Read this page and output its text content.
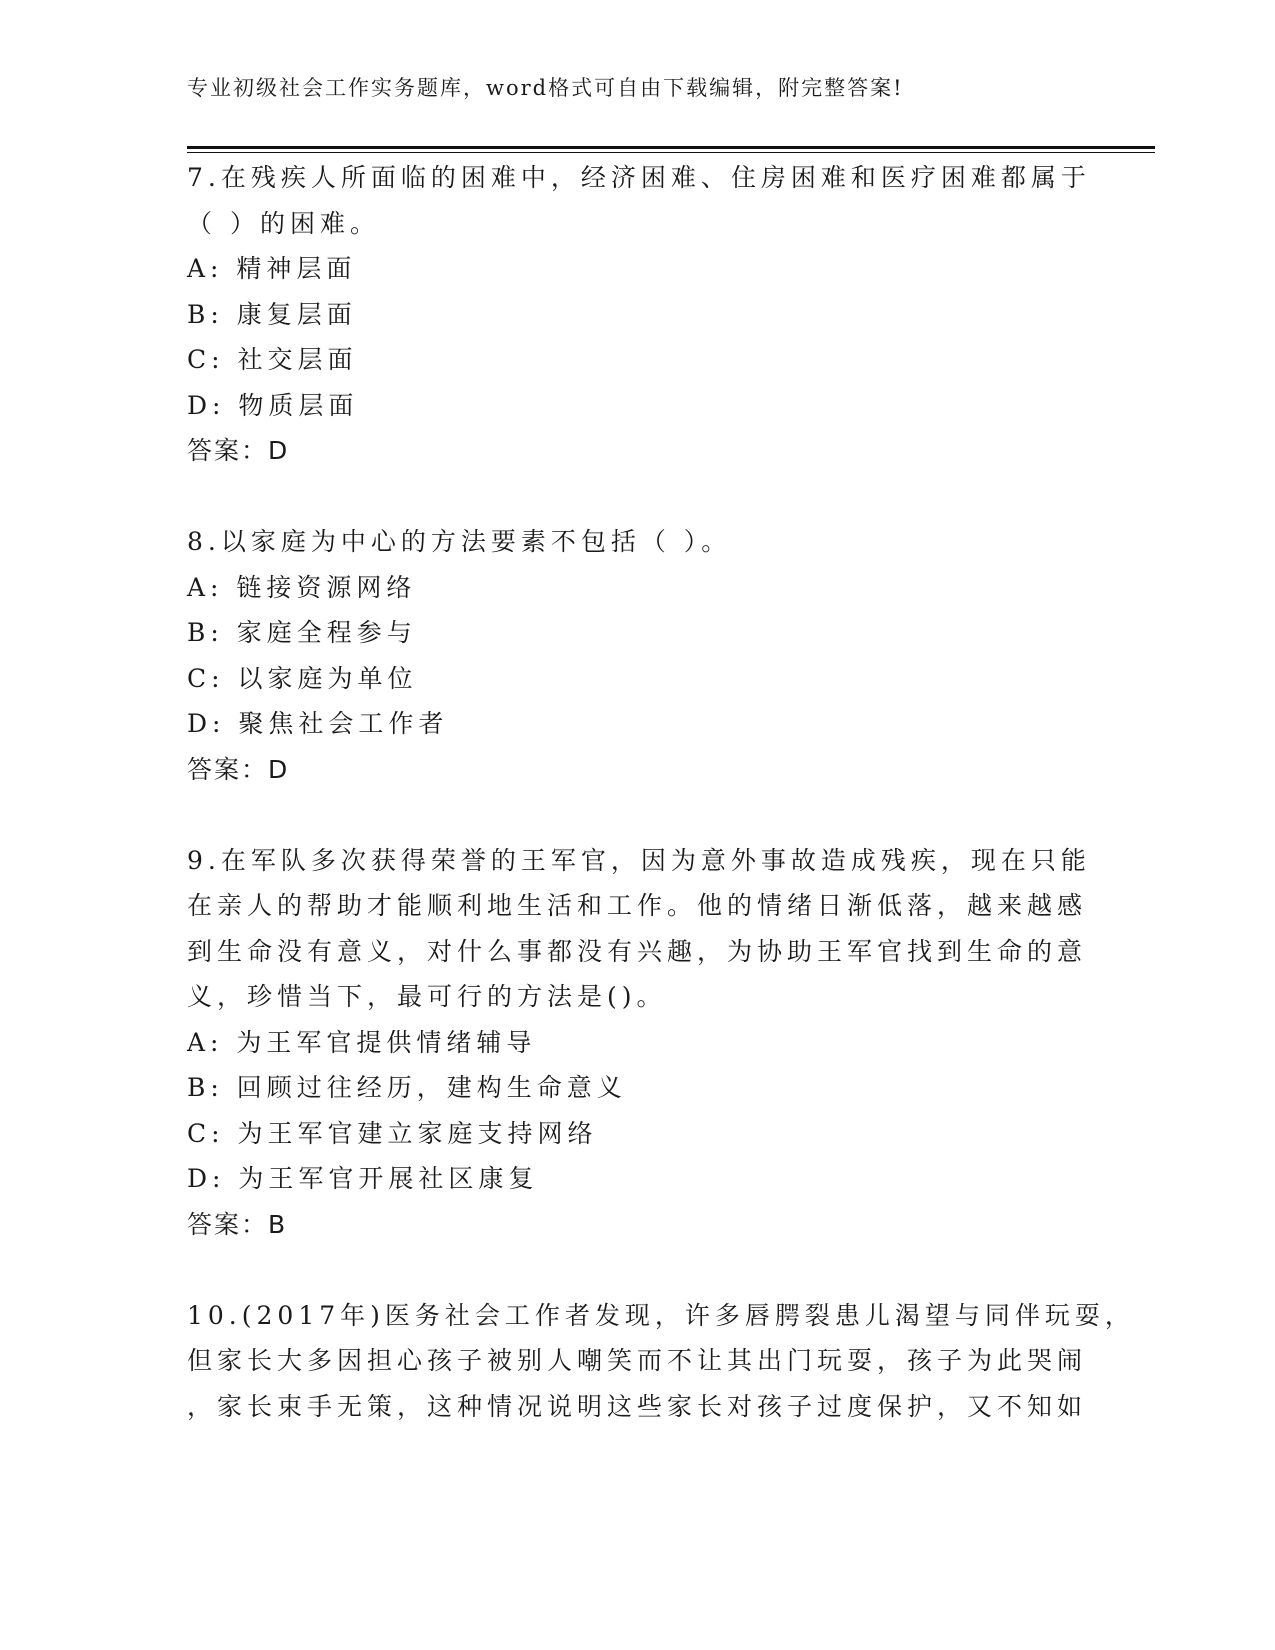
专业初级社会工作实务题库，word格式可自由下载编辑，附完整答案!
7.在残疾人所面临的困难中，经济困难、住房困难和医疗困难都属于
（ ）的困难。
A: 精神层面
B: 康复层面
C: 社交层面
D: 物质层面
答案：D
8.以家庭为中心的方法要素不包括（ ）。
A: 链接资源网络
B: 家庭全程参与
C: 以家庭为单位
D: 聚焦社会工作者
答案：D
9.在军队多次获得荣誉的王军官，因为意外事故造成残疾，现在只能
在亲人的帮助才能顺利地生活和工作。他的情绪日渐低落，越来越感
到生命没有意义，对什么事都没有兴趣，为协助王军官找到生命的意
义，珍惜当下，最可行的方法是()。
A: 为王军官提供情绪辅导
B: 回顾过往经历，建构生命意义
C: 为王军官建立家庭支持网络
D: 为王军官开展社区康复
答案：B
10.(2017年)医务社会工作者发现，许多唇腭裂患儿渴望与同伴玩耍，
但家长大多因担心孩子被别人嘲笑而不让其出门玩耍，孩子为此哭闹
，家长束手无策，这种情况说明这些家长对孩子过度保护，又不知如
